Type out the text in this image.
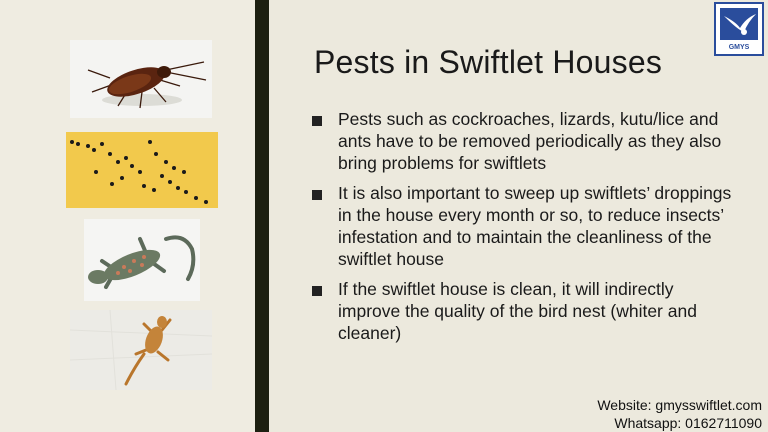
Pests in Swiftlet Houses
Pests such as cockroaches, lizards, kutu/lice and ants have to be removed periodically as they also bring problems for swiftlets
It is also important to sweep up swiftlets’ droppings in the house every month or so, to reduce insects’ infestation and to maintain the cleanliness of the swiftlet house
If the swiftlet house is clean, it will indirectly improve the quality of the bird nest (whiter and cleaner)
GMYS
Website: gmysswiftlet.com
Whatsapp: 0162711090
